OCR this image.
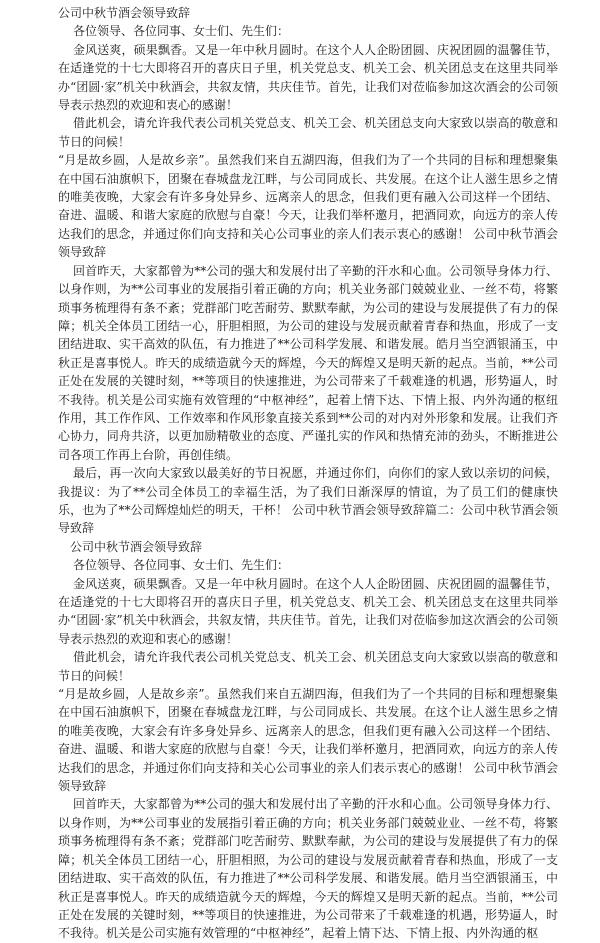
公司中秋节酒会领导致辞

各位领导、各位同事、女士们、先生们：

金风送爽，硕果飘香。又是一年中秋月圆时。在这个人人企盼团圆、庆祝团圆的温馨佳节，在适逢党的十七大即将召开的喜庆日子里，机关党总支、机关工会、机关团总支在这里共同举办“团圆·家”机关中秋酒会，共叙友情，共庆佳节。首先，让我们对莅临参加这次酒会的公司领导表示热烈的欢迎和衷心的感谢！

借此机会，请允许我代表公司机关党总支、机关工会、机关团总支向大家致以崇高的敬意和节日的问候！

“月是故乡圆，人是故乡亲”。虽然我们来自五湖四海，但我们为了一个共同的目标和理想聚集在中国石油旗帜下，团聚在春城盘龙江畔，与公司同成长、共发展。在这个让人滋生思乡之情的唯美夜晚，大家会有许多身处异乡、远离亲人的思念，但我们更有融入公司这样一个团结、奋进、温暖、和谐大家庭的欣慰与自豪！今天，让我们举杯邀月，把酒同欢，向远方的亲人传达我们的思念，并通过你们向支持和关心公司事业的亲人们表示衷心的感谢！ 公司中秋节酒会领导致辞

回首昨天，大家都曾为**公司的强大和发展付出了辛勤的汗水和心血。公司领导身体力行、以身作则，为**公司事业的发展指引着正确的方向；机关业务部门兢兢业业、一丝不苟，将繁琐事务梳理得有条不紊；党群部门吃苦耐劳、默默奉献，为公司的建设与发展提供了有力的保障；机关全体员工团结一心，肝胆相照，为公司的建设与发展贡献着青春和热血，形成了一支团结进取、实干高效的队伍，有力推进了**公司科学发展、和谐发展。皓月当空洒银涌玉，中秋正是喜事悦人。昨天的成绩造就今天的辉煌，今天的辉煌又是明天新的起点。当前，**公司正处在发展的关键时刻，**等项目的快速推进，为公司带来了千载难逢的机遇，形势逼人，时不我待。机关是公司实施有效管理的“中枢神经”，起着上情下达、下情上报、内外沟通的枢纽作用，其工作作风、工作效率和作风形象直接关系到**公司的对内对外形象和发展。让我们齐心协力，同舟共济，以更加励精敬业的态度、严谨扎实的作风和热情充沛的劲头，不断推进公司各项工作再上台阶，再创佳绩。

最后，再一次向大家致以最美好的节日祝愿，并通过你们，向你们的家人致以亲切的问候，我提议：为了**公司全体员工的幸福生活，为了我们日渐深厚的情谊，为了员工们的健康快乐，也为了**公司辉煌灿烂的明天，干杯！ 公司中秋节酒会领导致辞篇二：公司中秋节酒会领导致辞

公司中秋节酒会领导致辞

各位领导、各位同事、女士们、先生们：

金风送爽，硕果飘香。又是一年中秋月圆时。在这个人人企盼团圆、庆祝团圆的温馨佳节，在适逢党的十七大即将召开的喜庆日子里，机关党总支、机关工会、机关团总支在这里共同举办“团圆·家”机关中秋酒会，共叙友情，共庆佳节。首先，让我们对莅临参加这次酒会的公司领导表示热烈的欢迎和衷心的感谢！

借此机会，请允许我代表公司机关党总支、机关工会、机关团总支向大家致以崇高的敬意和节日的问候！

“月是故乡圆，人是故乡亲”。虽然我们来自五湖四海，但我们为了一个共同的目标和理想聚集在中国石油旗帜下，团聚在春城盘龙江畔，与公司同成长、共发展。在这个让人滋生思乡之情的唯美夜晚，大家会有许多身处异乡、远离亲人的思念，但我们更有融入公司这样一个团结、奋进、温暖、和谐大家庭的欣慰与自豪！今天，让我们举杯邀月，把酒同欢，向远方的亲人传达我们的思念，并通过你们向支持和关心公司事业的亲人们表示衷心的感谢！ 公司中秋节酒会领导致辞

回首昨天，大家都曾为**公司的强大和发展付出了辛勤的汗水和心血。公司领导身体力行、以身作则，为**公司事业的发展指引着正确的方向；机关业务部门兢兢业业、一丝不苟，将繁琐事务梳理得有条不紊；党群部门吃苦耐劳、默默奉献，为公司的建设与发展提供了有力的保障；机关全体员工团结一心，肝胆相照，为公司的建设与发展贡献着青春和热血，形成了一支团结进取、实干高效的队伍，有力推进了**公司科学发展、和谐发展。皓月当空洒银涌玉，中秋正是喜事悦人。昨天的成绩造就今天的辉煌，今天的辉煌又是明天新的起点。当前，**公司正处在发展的关键时刻，**等项目的快速推进，为公司带来了千载难逢的机遇，形势逼人，时不我待。机关是公司实施有效管理的“中枢神经”，起着上情下达、下情上报、内外沟通的枢
